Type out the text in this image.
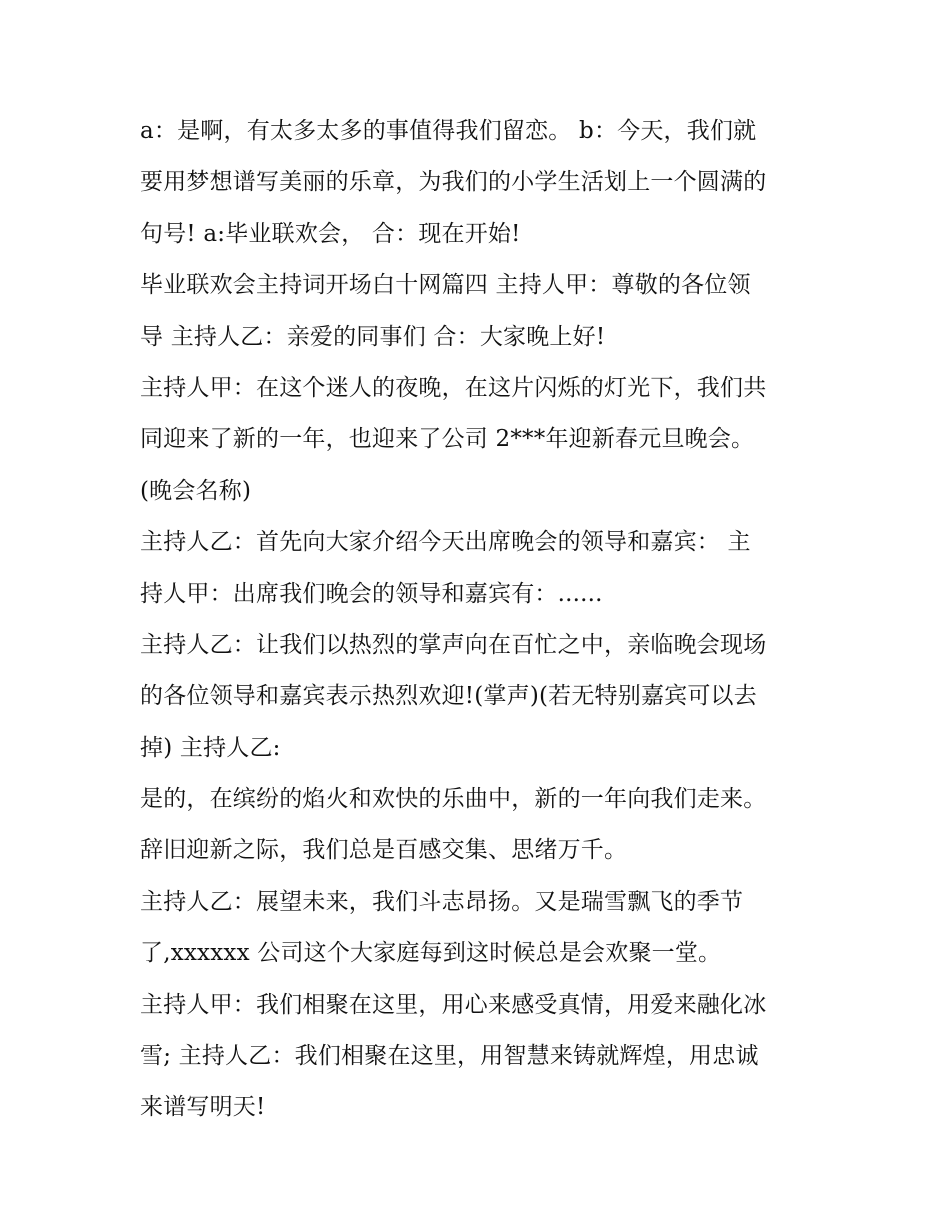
a：是啊，有太多太多的事值得我们留恋。 b：今天，我们就
要用梦想谱写美丽的乐章，为我们的小学生活划上一个圆满的
句号! a:毕业联欢会， 合：现在开始!
毕业联欢会主持词开场白十网篇四 主持人甲：尊敬的各位领
导 主持人乙：亲爱的同事们 合：大家晚上好!
主持人甲：在这个迷人的夜晚，在这片闪烁的灯光下，我们共
同迎来了新的一年，也迎来了公司 2***年迎新春元旦晚会。
(晚会名称)
主持人乙：首先向大家介绍今天出席晚会的领导和嘉宾： 主
持人甲：出席我们晚会的领导和嘉宾有：......
主持人乙：让我们以热烈的掌声向在百忙之中，亲临晚会现场
的各位领导和嘉宾表示热烈欢迎!(掌声)(若无特别嘉宾可以去
掉) 主持人乙:
是的，在缤纷的焰火和欢快的乐曲中，新的一年向我们走来。
辞旧迎新之际，我们总是百感交集、思绪万千。
主持人乙：展望未来，我们斗志昂扬。又是瑞雪飘飞的季节
了,xxxxxx 公司这个大家庭每到这时候总是会欢聚一堂。
主持人甲：我们相聚在这里，用心来感受真情，用爱来融化冰
雪; 主持人乙：我们相聚在这里，用智慧来铸就辉煌，用忠诚
来谱写明天!
